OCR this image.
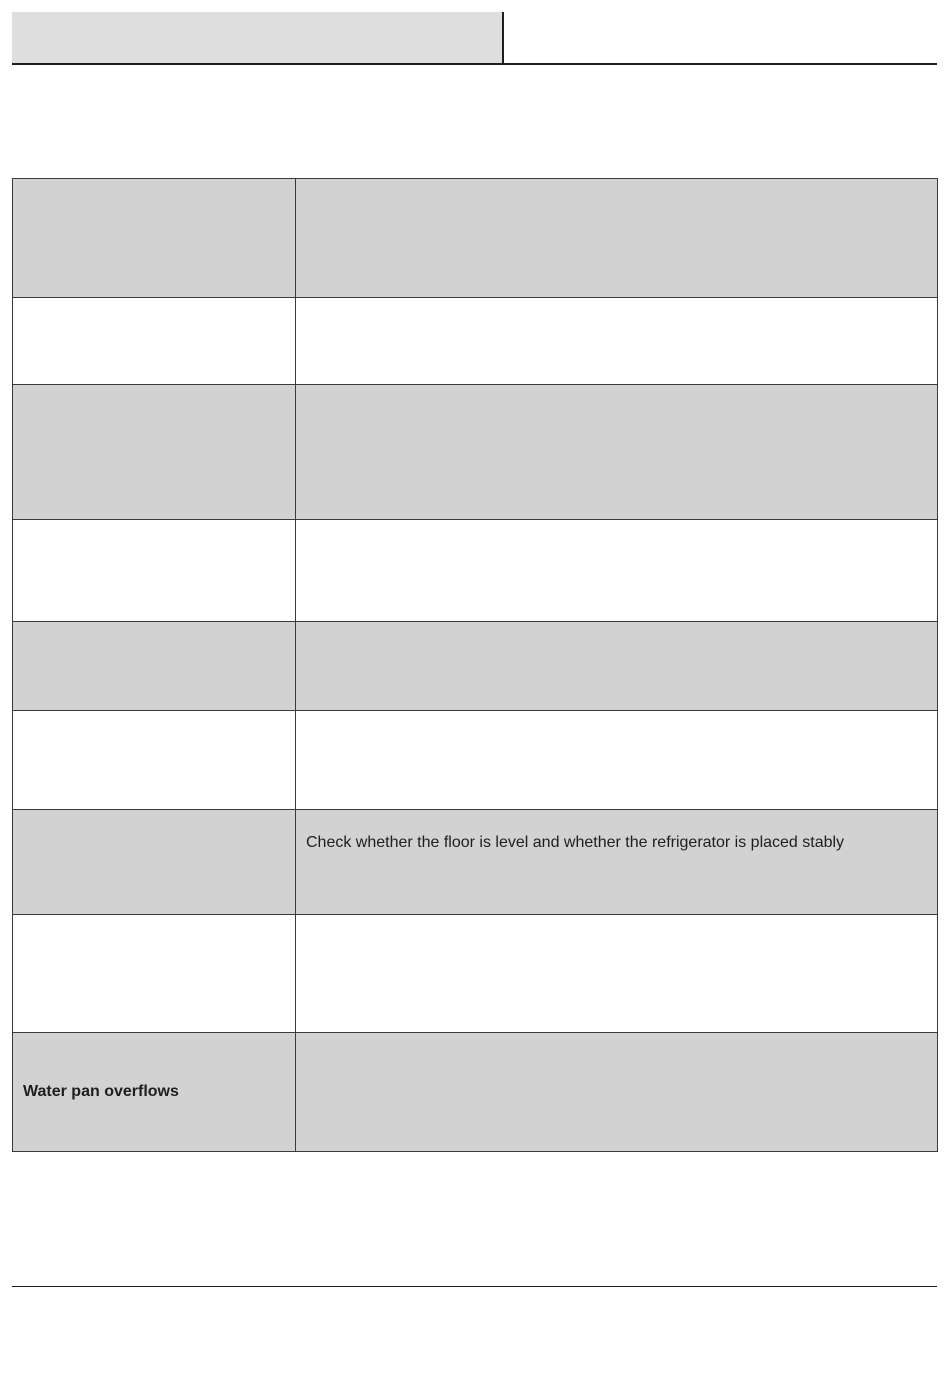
	Check whether the floor is level and whether the refrigerator is placed stably

Water pan overflows	
